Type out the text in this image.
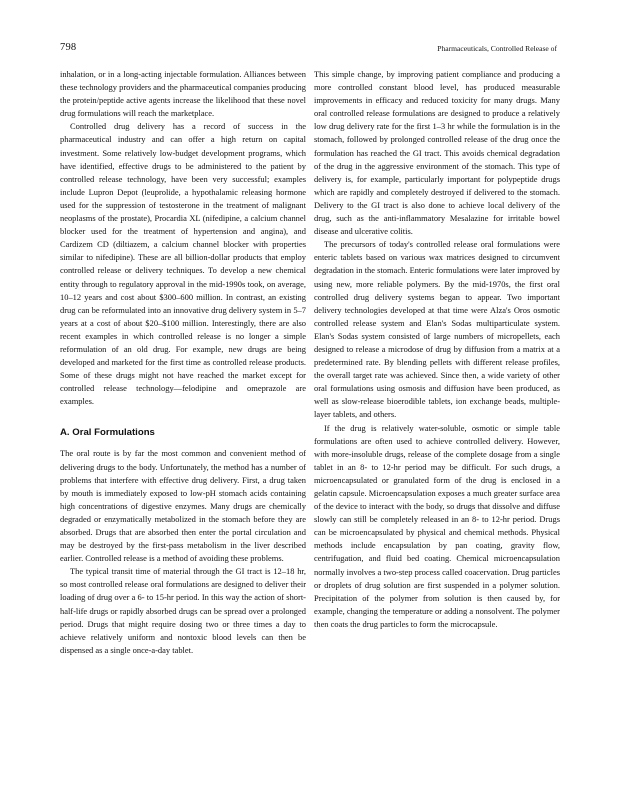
798	Pharmaceuticals, Controlled Release of

inhalation, or in a long-acting injectable formulation. Alliances between these technology providers and the pharmaceutical companies producing the protein/peptide active agents increase the likelihood that these novel drug formulations will reach the marketplace.

Controlled drug delivery has a record of success in the pharmaceutical industry and can offer a high return on capital investment. Some relatively low-budget development programs, which have identified, effective drugs to be administered to the patient by controlled release technology, have been very successful; examples include Lupron Depot (leuprolide, a hypothalamic releasing hormone used for the suppression of testosterone in the treatment of malignant neoplasms of the prostate), Procardia XL (nifedipine, a calcium channel blocker used for the treatment of hypertension and angina), and Cardizem CD (diltiazem, a calcium channel blocker with properties similar to nifedipine). These are all billion-dollar products that employ controlled release or delivery techniques. To develop a new chemical entity through to regulatory approval in the mid-1990s took, on average, 10–12 years and cost about $300–600 million. In contrast, an existing drug can be reformulated into an innovative drug delivery system in 5–7 years at a cost of about $20–$100 million. Interestingly, there are also recent examples in which controlled release is no longer a simple reformulation of an old drug. For example, new drugs are being developed and marketed for the first time as controlled release products. Some of these drugs might not have reached the market except for controlled release technology—felodipine and omeprazole are examples.

A. Oral Formulations

The oral route is by far the most common and convenient method of delivering drugs to the body. Unfortunately, the method has a number of problems that interfere with effective drug delivery. First, a drug taken by mouth is immediately exposed to low-pH stomach acids containing high concentrations of digestive enzymes. Many drugs are chemically degraded or enzymatically metabolized in the stomach before they are absorbed. Drugs that are absorbed then enter the portal circulation and may be destroyed by the first-pass metabolism in the liver described earlier. Controlled release is a method of avoiding these problems.

The typical transit time of material through the GI tract is 12–18 hr, so most controlled release oral formulations are designed to deliver their loading of drug over a 6- to 15-hr period. In this way the action of short-half-life drugs or rapidly absorbed drugs can be spread over a prolonged period. Drugs that might require dosing two or three times a day to achieve relatively uniform and nontoxic blood levels can then be dispensed as a single once-a-day tablet.

This simple change, by improving patient compliance and producing a more controlled constant blood level, has produced measurable improvements in efficacy and reduced toxicity for many drugs. Many oral controlled release formulations are designed to produce a relatively low drug delivery rate for the first 1–3 hr while the formulation is in the stomach, followed by prolonged controlled release of the drug once the formulation has reached the GI tract. This avoids chemical degradation of the drug in the aggressive environment of the stomach. This type of delivery is, for example, particularly important for polypeptide drugs which are rapidly and completely destroyed if delivered to the stomach. Delivery to the GI tract is also done to achieve local delivery of the drug, such as the anti-inflammatory Mesalazine for irritable bowel disease and ulcerative colitis.

The precursors of today's controlled release oral formulations were enteric tablets based on various wax matrices designed to circumvent degradation in the stomach. Enteric formulations were later improved by using new, more reliable polymers. By the mid-1970s, the first oral controlled drug delivery systems began to appear. Two important delivery technologies developed at that time were Alza's Oros osmotic controlled release system and Elan's Sodas multiparticulate system. Elan's Sodas system consisted of large numbers of micropellets, each designed to release a microdose of drug by diffusion from a matrix at a predetermined rate. By blending pellets with different release profiles, the overall target rate was achieved. Since then, a wide variety of other oral formulations using osmosis and diffusion have been produced, as well as slow-release bioerodible tablets, ion exchange beads, multiple-layer tablets, and others.

If the drug is relatively water-soluble, osmotic or simple table formulations are often used to achieve controlled delivery. However, with more-insoluble drugs, release of the complete dosage from a single tablet in an 8- to 12-hr period may be difficult. For such drugs, a microencapsulated or granulated form of the drug is enclosed in a gelatin capsule. Microencapsulation exposes a much greater surface area of the device to interact with the body, so drugs that dissolve and diffuse slowly can still be completely released in an 8- to 12-hr period. Drugs can be microencapsulated by physical and chemical methods. Physical methods include encapsulation by pan coating, gravity flow, centrifugation, and fluid bed coating. Chemical microencapsulation normally involves a two-step process called coacervation. Drug particles or droplets of drug solution are first suspended in a polymer solution. Precipitation of the polymer from solution is then caused by, for example, changing the temperature or adding a nonsolvent. The polymer then coats the drug particles to form the microcapsule.
